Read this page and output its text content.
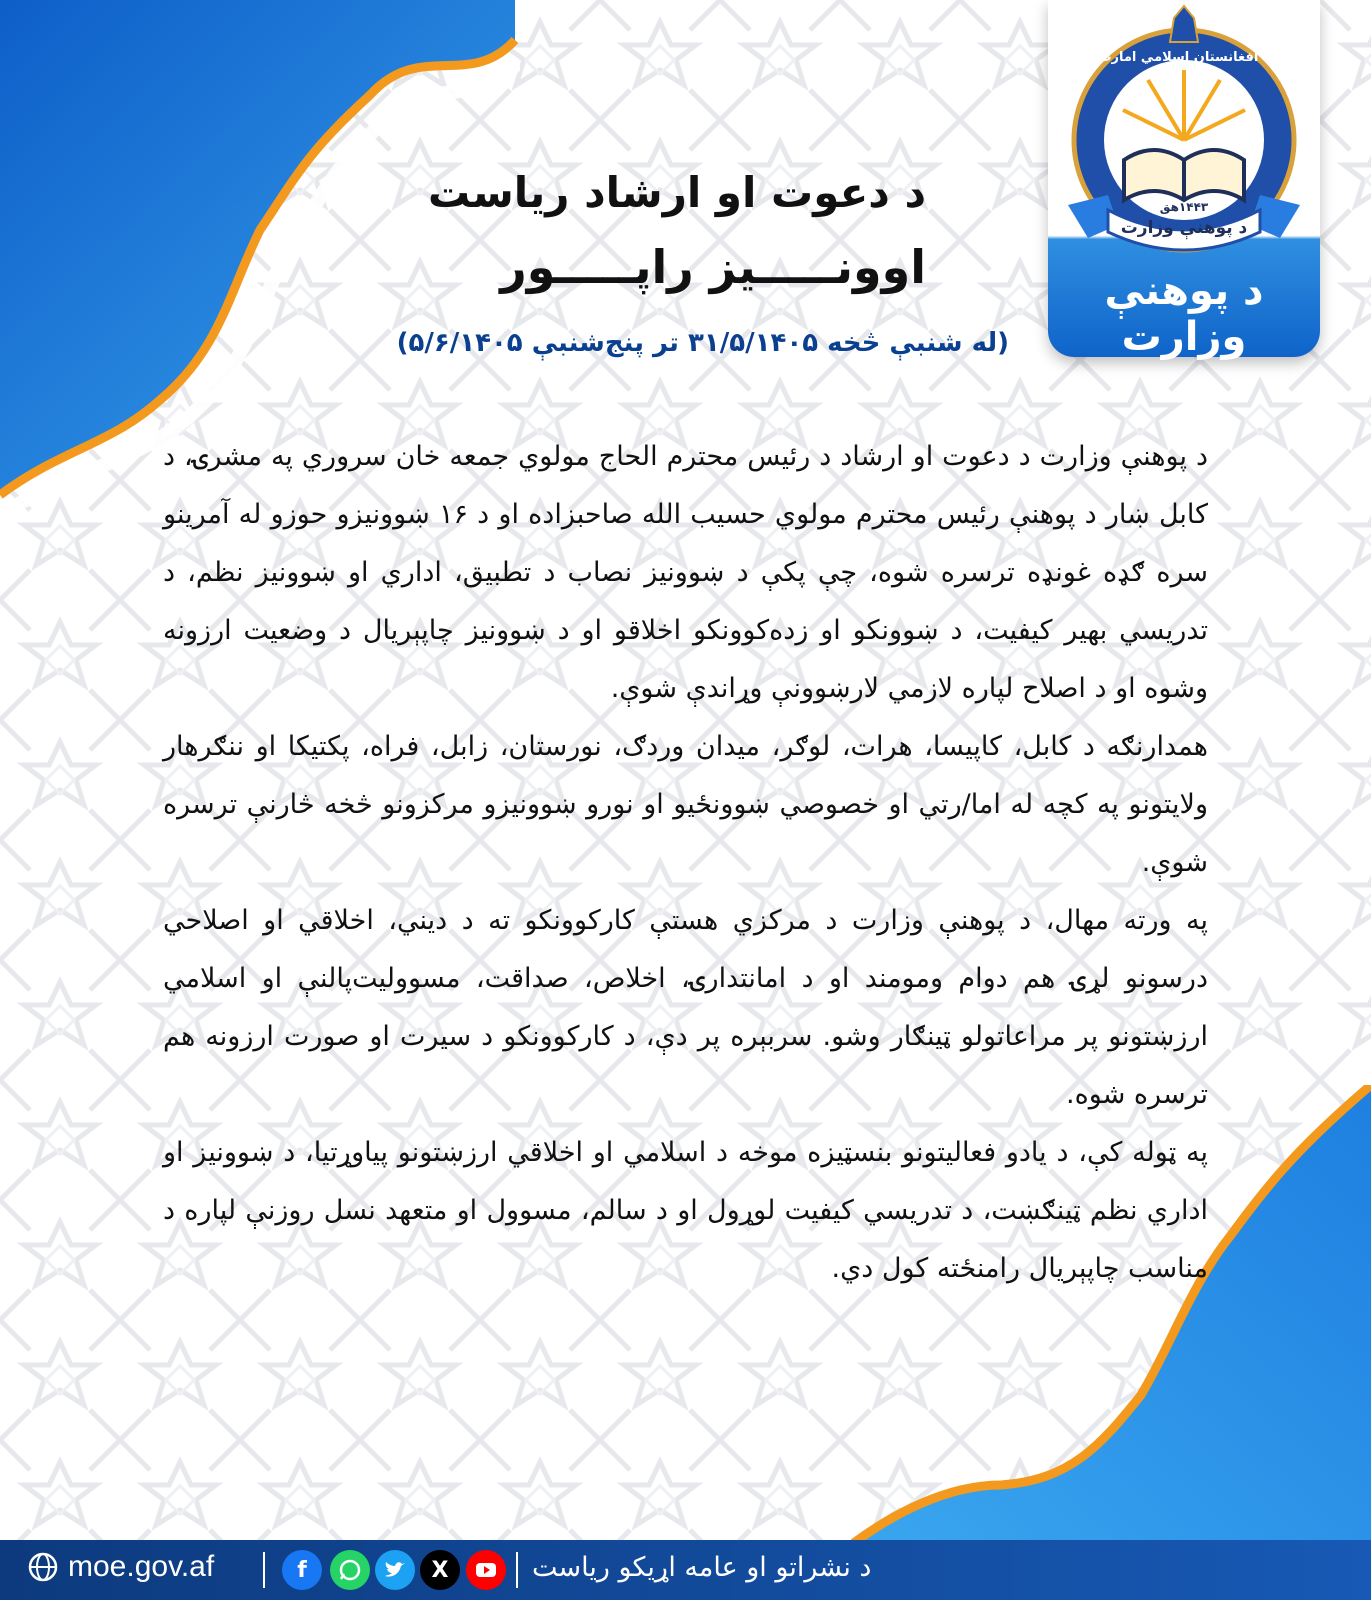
د افغانستان اسلامي امارت
۱۴۴۳هق
د پوهنې وزارت
د پوهنې وزارت
د دعوت او ارشاد ریاست
اوونـــــیز راپـــــور
(له شنبې څخه ۳۱/۵/۱۴۰۵ تر پنج‌شنبې ۵/۶/۱۴۰۵)

د پوهنې وزارت د دعوت او ارشاد د رئیس محترم الحاج مولوي جمعه خان سروري په مشرۍ، د کابل ښار د پوهنې رئیس محترم مولوي حسیب الله صاحبزاده او د ۱۶ ښوونیزو حوزو له آمرینو سره ګډه غونډه ترسره شوه، چې پکې د ښوونیز نصاب د تطبیق، اداري او ښوونیز نظم، د تدریسي بهیر کیفیت، د ښوونکو او زده‌کوونکو اخلاقو او د ښوونیز چاپېریال د وضعیت ارزونه وشوه او د اصلاح لپاره لازمي لارښوونې وړاندې شوې.

همدارنګه د کابل، کاپیسا، هرات، لوګر، میدان وردګ، نورستان، زابل، فراه، پکتیکا او ننګرهار ولایتونو په کچه له اما/رتي او خصوصي ښوونځیو او نورو ښوونیزو مرکزونو څخه څارنې ترسره شوې.

په ورته مهال، د پوهنې وزارت د مرکزي هستې کارکوونکو ته د دیني، اخلاقي او اصلاحي درسونو لړۍ هم دوام ومومند او د امانتدارۍ، اخلاص، صداقت، مسوولیت‌پالنې او اسلامي ارزښتونو پر مراعاتولو ټینګار وشو. سربېره پر دې، د کارکوونکو د سیرت او صورت ارزونه هم ترسره شوه.

په ټوله کې، د یادو فعالیتونو بنسټیزه موخه د اسلامي او اخلاقي ارزښتونو پیاوړتیا، د ښوونیز او اداري نظم ټینګښت، د تدریسي کیفیت لوړول او د سالم، مسوول او متعهد نسل روزنې لپاره د مناسب چاپېریال رامنځته کول دي.

moe.gov.af	f	X	د نشراتو او عامه اړیکو ریاست
